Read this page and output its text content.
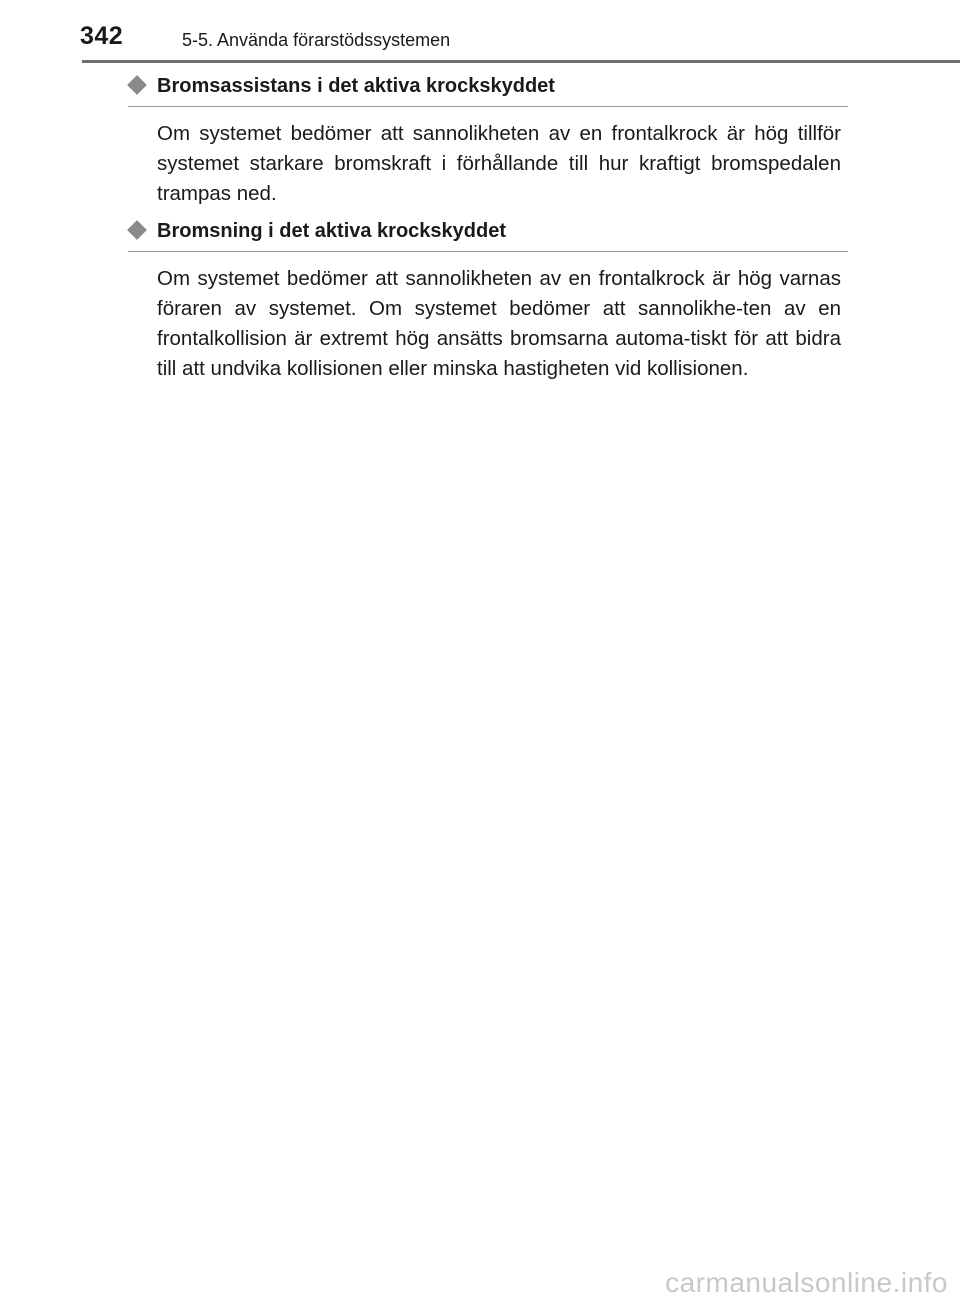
342	5-5. Använda förarstödssystemen
Bromsassistans i det aktiva krockskyddet

Om systemet bedömer att sannolikheten av en frontalkrock är hög tillför systemet starkare bromskraft i förhållande till hur kraftigt bromspedalen trampas ned.

Bromsning i det aktiva krockskyddet

Om systemet bedömer att sannolikheten av en frontalkrock är hög varnas föraren av systemet. Om systemet bedömer att sannolikhe-ten av en frontalkollision är extremt hög ansätts bromsarna automa-tiskt för att bidra till att undvika kollisionen eller minska hastigheten vid kollisionen.

carmanualsonline.info
